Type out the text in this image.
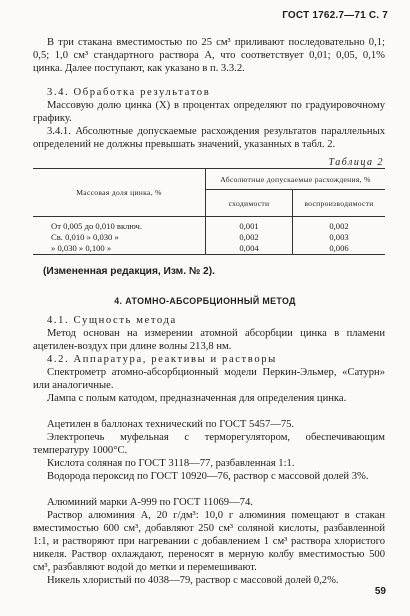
ГОСТ 1762.7—71 С. 7
В три стакана вместимостью по 25 см³ приливают последовательно 0,1; 0,5; 1,0 см³ стандартного раствора А, что соответствует 0,01; 0,05, 0,1% цинка. Далее поступают, как указано в п. 3.3.2.
3.4. Обработка результатов
Массовую долю цинка (X) в процентах определяют по градуировочному графику.
3.4.1. Абсолютные допускаемые расхождения результатов параллельных определений не должны превышать значений, указанных в табл. 2.
Таблица 2
Массовая доля цинка, %	Абсолютные допускаемые расхождения, %	
	сходимости	воспроизводимости

От 0,005 до 0,010 включ.	0,001	0,002
Св. 0,010 » 0,030 »	0,002	0,003
» 0,030 » 0,100 »	0,004	0,006
(Измененная редакция, Изм. № 2).
4. АТОМНО-АБСОРБЦИОННЫЙ МЕТОД
4.1. Сущность метода
Метод основан на измерении атомной абсорбции цинка в пламени ацетилен-воздух при длине волны 213,8 нм.
4.2. Аппаратура, реактивы и растворы
Спектрометр атомно-абсорбционный модели Перкин-Эльмер, «Сатурн» или аналогичные.
Лампа с полым катодом, предназначенная для определения цинка.
Ацетилен в баллонах технический по ГОСТ 5457—75.
Электропечь муфельная с терморегулятором, обеспечивающим температуру 1000°С.
Кислота соляная по ГОСТ 3118—77, разбавленная 1:1.
Водорода пероксид по ГОСТ 10920—76, раствор с массовой долей 3%.
Алюминий марки А-999 по ГОСТ 11069—74.
Раствор алюминия А, 20 г/дм³: 10,0 г алюминия помещают в стакан вместимостью 600 см³, добавляют 250 см³ соляной кислоты, разбавленной 1:1, и растворяют при нагревании с добавлением 1 см³ раствора хлористого никеля. Раствор охлаждают, переносят в мерную колбу вместимостью 500 см³, разбавляют водой до метки и перемешивают.
Никель хлористый по 4038—79, раствор с массовой долей 0,2%.
59
